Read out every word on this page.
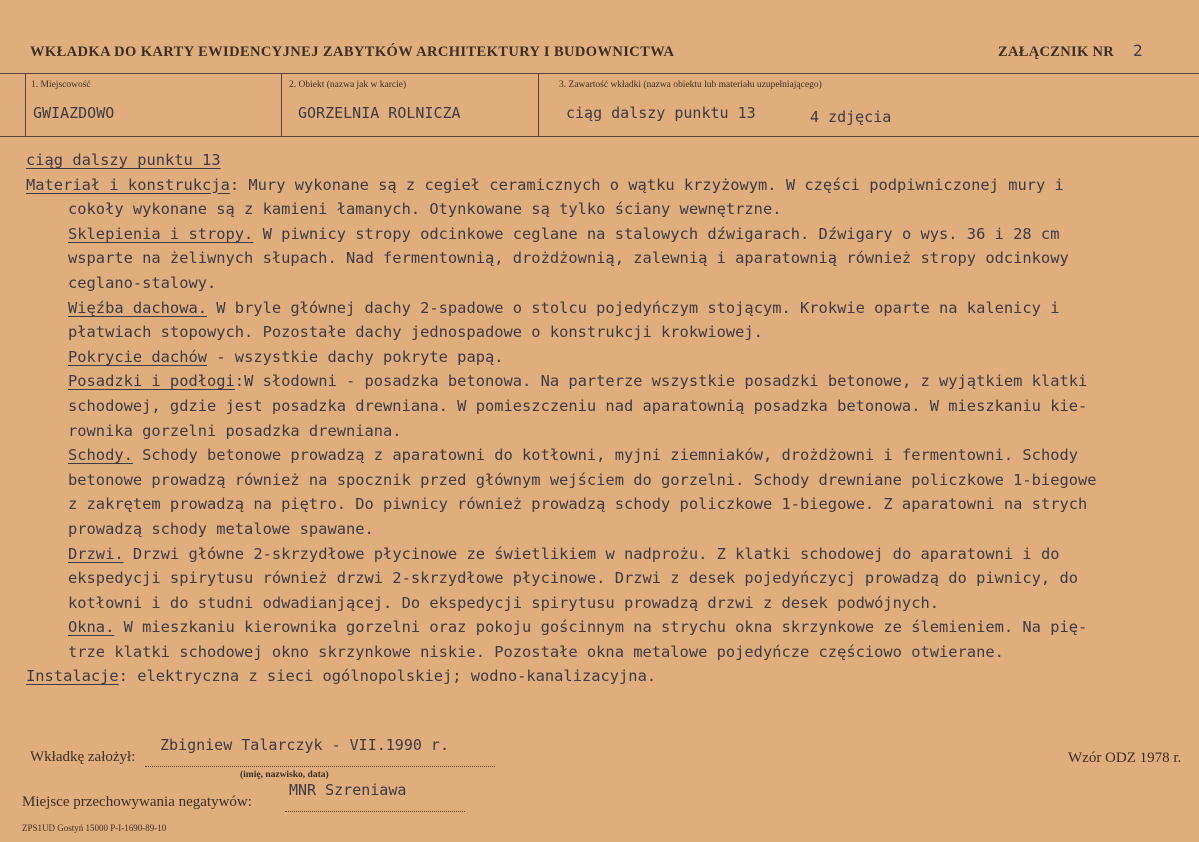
WKŁADKA DO KARTY EWIDENCYJNEJ ZABYTKÓW ARCHITEKTURY I BUDOWNICTWA	ZAŁĄCZNIK NR 2
1. Miejscowość
GWIAZDOWO
2. Obiekt (nazwa jak w karcie)
GORZELNIA ROLNICZA
3. Zawartość wkładki (nazwa obiektu lub materiału uzupełniającego)
ciąg dalszy punktu 13	4 zdjęcia
ciąg dalszy punktu 13
Materiał i konstrukcja: Mury wykonane są z cegieł ceramicznych o wątku krzyżowym. W części podpiwniczonej mury i
cokoły wykonane są z kamieni łamanych. Otynkowane są tylko ściany wewnętrzne.
Sklepienia i stropy. W piwnicy stropy odcinkowe ceglane na stalowych dźwigarach. Dźwigary o wys. 36 i 28 cm
wsparte na żeliwnych słupach. Nad fermentownią, drożdżownią, zalewnią i aparatownią również stropy odcinkowy
ceglano-stalowy.
Więźba dachowa. W bryle głównej dachy 2-spadowe o stolcu pojedyńczym stojącym. Krokwie oparte na kalenicy i
płatwiach stopowych. Pozostałe dachy jednospadowe o konstrukcji krokwiowej.
Pokrycie dachów - wszystkie dachy pokryte papą.
Posadzki i podłogi:W słodowni - posadzka betonowa. Na parterze wszystkie posadzki betonowe, z wyjątkiem klatki
schodowej, gdzie jest posadzka drewniana. W pomieszczeniu nad aparatownią posadzka betonowa. W mieszkaniu kie-
rownika gorzelni posadzka drewniana.
Schody. Schody betonowe prowadzą z aparatowni do kotłowni, myjni ziemniaków, drożdżowni i fermentowni. Schody
betonowe prowadzą również na spocznik przed głównym wejściem do gorzelni. Schody drewniane policzkowe 1-biegowe
z zakrętem prowadzą na piętro. Do piwnicy również prowadzą schody policzkowe 1-biegowe. Z aparatowni na strych
prowadzą schody metalowe spawane.
Drzwi. Drzwi główne 2-skrzydłowe płycinowe ze świetlikiem w nadprożu. Z klatki schodowej do aparatowni i do
ekspedycji spirytusu również drzwi 2-skrzydłowe płycinowe. Drzwi z desek pojedyńczycj prowadzą do piwnicy, do
kotłowni i do studni odwadianjącej. Do ekspedycji spirytusu prowadzą drzwi z desek podwójnych.
Okna. W mieszkaniu kierownika gorzelni oraz pokoju gościnnym na strychu okna skrzynkowe ze ślemieniem. Na pię-
trze klatki schodowej okno skrzynkowe niskie. Pozostałe okna metalowe pojedyńcze częściowo otwierane.
Instalacje: elektryczna z sieci ogólnopolskiej; wodno-kanalizacyjna.
Wkładkę założył:
Zbigniew Talarczyk - VII.1990 r.
(imię, nazwisko, data)
Miejsce przechowywania negatywów:
MNR Szreniawa
Wzór ODZ 1978 r.
ZPS1UD Gostyń 15000 P-I-1690-89-10
